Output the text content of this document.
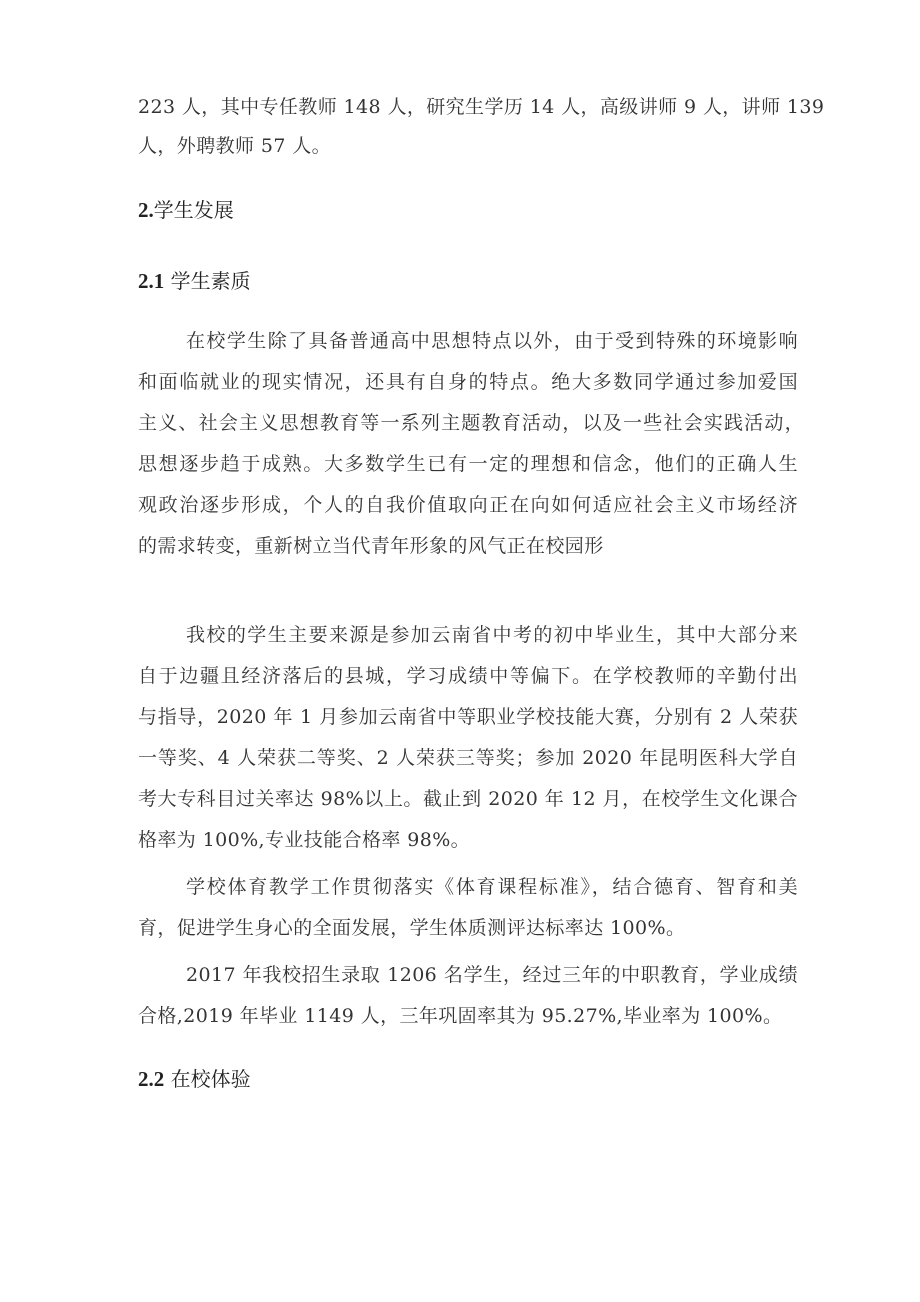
223 人，其中专任教师 148 人，研究生学历 14 人，高级讲师 9 人，讲师 139
人，外聘教师 57 人。
2.学生发展
2.1 学生素质
在校学生除了具备普通高中思想特点以外，由于受到特殊的环境影响
和面临就业的现实情况，还具有自身的特点。绝大多数同学通过参加爱国
主义、社会主义思想教育等一系列主题教育活动，以及一些社会实践活动，
思想逐步趋于成熟。大多数学生已有一定的理想和信念，他们的正确人生
观政治逐步形成，个人的自我价值取向正在向如何适应社会主义市场经济
的需求转变，重新树立当代青年形象的风气正在校园形
我校的学生主要来源是参加云南省中考的初中毕业生，其中大部分来
自于边疆且经济落后的县城，学习成绩中等偏下。在学校教师的辛勤付出
与指导，2020 年 1 月参加云南省中等职业学校技能大赛，分别有 2 人荣获
一等奖、4 人荣获二等奖、2 人荣获三等奖；参加 2020 年昆明医科大学自
考大专科目过关率达 98%以上。截止到 2020 年 12 月，在校学生文化课合
格率为 100%,专业技能合格率 98%。
学校体育教学工作贯彻落实《体育课程标准》，结合德育、智育和美
育，促进学生身心的全面发展，学生体质测评达标率达 100%。
2017 年我校招生录取 1206 名学生，经过三年的中职教育，学业成绩
合格,2019 年毕业 1149 人，三年巩固率其为 95.27%,毕业率为 100%。
2.2 在校体验
